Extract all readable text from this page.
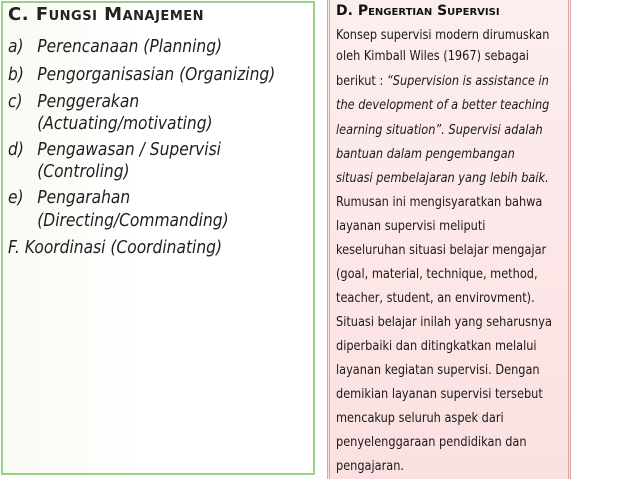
C. Fungsi Manajemen
a) Perencanaan (Planning)
b) Pengorganisasian (Organizing)
c) Penggerakan
(Actuating/motivating)
d) Pengawasan / Supervisi
(Controling)
e) Pengarahan
(Directing/Commanding)
F. Koordinasi (Coordinating)
D. Pengertian Supervisi
Konsep supervisi modern dirumuskan
oleh Kimball Wiles (1967) sebagai
berikut : “Supervision is assistance in
the development of a better teaching
learning situation”. Supervisi adalah
bantuan dalam pengembangan
situasi pembelajaran yang lebih baik.
Rumusan ini mengisyaratkan bahwa
layanan supervisi meliputi
keseluruhan situasi belajar mengajar
(goal, material, technique, method,
teacher, student, an envirovment).
Situasi belajar inilah yang seharusnya
diperbaiki dan ditingkatkan melalui
layanan kegiatan supervisi. Dengan
demikian layanan supervisi tersebut
mencakup seluruh aspek dari
penyelenggaraan pendidikan dan
pengajaran.
